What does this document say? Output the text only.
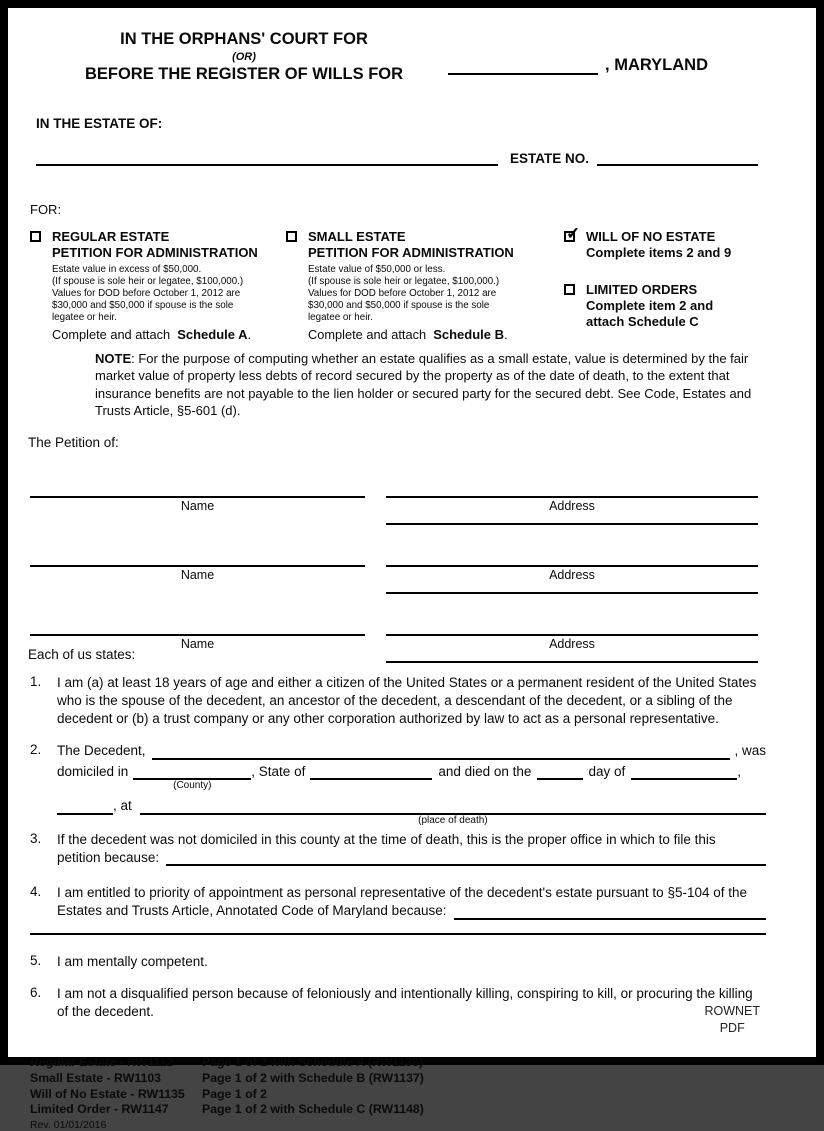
IN THE ORPHANS' COURT FOR
(OR)
BEFORE THE REGISTER OF WILLS FOR
, MARYLAND
IN THE ESTATE OF:
ESTATE NO.
FOR:
REGULAR ESTATE
PETITION FOR ADMINISTRATION
Estate value in excess of $50,000.
(If spouse is sole heir or legatee, $100,000.)
Values for DOD before October 1, 2012 are
$30,000 and $50,000 if spouse is the sole
legatee or heir.
Complete and attach Schedule A.
SMALL ESTATE
PETITION FOR ADMINISTRATION
Estate value of $50,000 or less.
(If spouse is sole heir or legatee, $100,000.)
Values for DOD before October 1, 2012 are
$30,000 and $50,000 if spouse is the sole
legatee or heir.
Complete and attach Schedule B.
✓ WILL OF NO ESTATE
Complete items 2 and 9
LIMITED ORDERS
Complete item 2 and
attach Schedule C
NOTE: For the purpose of computing whether an estate qualifies as a small estate, value is determined by the fair market value of property less debts of record secured by the property as of the date of death, to the extent that insurance benefits are not payable to the lien holder or secured party for the secured debt. See Code, Estates and Trusts Article, §5-601 (d).
The Petition of:
Name	Address
Name	Address
Name	Address
Each of us states:
1.	I am (a) at least 18 years of age and either a citizen of the United States or a permanent resident of the United States who is the spouse of the decedent, an ancestor of the decedent, a descendant of the decedent, or a sibling of the decedent or (b) a trust company or any other corporation authorized by law to act as a personal representative.
2.	The Decedent,	, was
domiciled in
(County)
, State of	and died on the	day of	,
, at
(place of death)
3.	If the decedent was not domiciled in this county at the time of death, this is the proper office in which to file this
petition because:
4.	I am entitled to priority of appointment as personal representative of the decedent's estate pursuant to §5-104 of the
Estates and Trusts Article, Annotated Code of Maryland because:
5.	I am mentally competent.
6.	I am not a disqualified person because of feloniously and intentionally killing, conspiring to kill, or procuring the killing of the decedent.
Regular Estate - RW1112	Page 1 of 2 with Schedule A (RW1136)
Small Estate - RW1103	Page 1 of 2 with Schedule B (RW1137)
Will of No Estate - RW1135	Page 1 of 2
Limited Order - RW1147	Page 1 of 2 with Schedule C (RW1148)
Rev. 01/01/2016
ROWNET
PDF
